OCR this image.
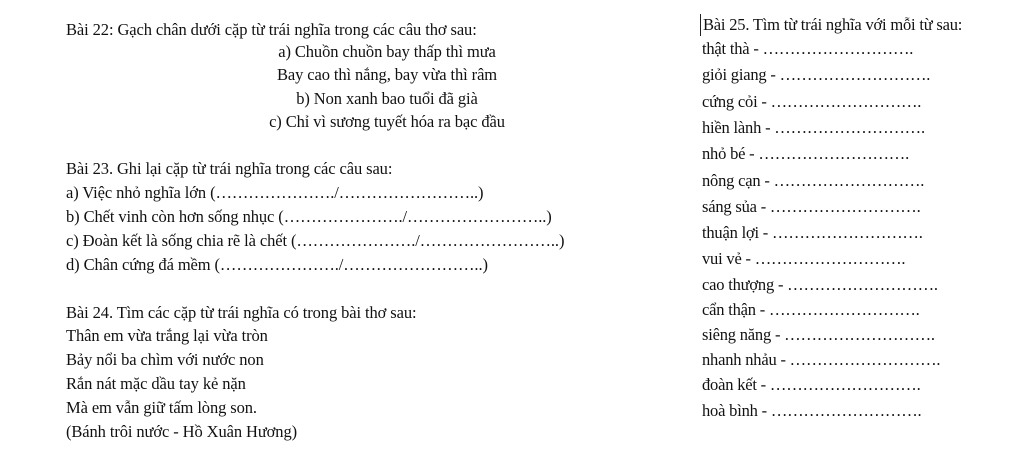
Bài 22: Gạch chân dưới cặp từ trái nghĩa trong các câu thơ sau:
a) Chuồn chuồn bay thấp thì mưa
Bay cao thì nắng, bay vừa thì râm
b) Non xanh bao tuổi đã già
c) Chỉ vì sương tuyết hóa ra bạc đầu
Bài 23. Ghi lại cặp từ trái nghĩa trong các câu sau:
a) Việc nhỏ nghĩa lớn (…………………./……………………..)
b) Chết vinh còn hơn sống nhục (…………………./……………………..)
c) Đoàn kết là sống chia rẽ là chết (…………………./……………………..)
d) Chân cứng đá mềm (…………………./……………………..)
Bài 24. Tìm các cặp từ trái nghĩa có trong bài thơ sau:
Thân em vừa trắng lại vừa tròn
Bảy nổi ba chìm với nước non
Rắn nát mặc dầu tay kẻ nặn
Mà em vẫn giữ tấm lòng son.
(Bánh trôi nước - Hồ Xuân Hương)
Bài 25. Tìm từ trái nghĩa với mỗi từ sau:
thật thà - ……………………….
giỏi giang - ……………………….
cứng cỏi - ……………………….
hiền lành - ……………………….
nhỏ bé - ……………………….
nông cạn - ……………………….
sáng sủa - ……………………….
thuận lợi - ……………………….
vui vẻ - ……………………….
cao thượng - ……………………….
cẩn thận - ……………………….
siêng năng - ……………………….
nhanh nhảu - ……………………….
đoàn kết - ……………………….
hoà bình - ……………………….
